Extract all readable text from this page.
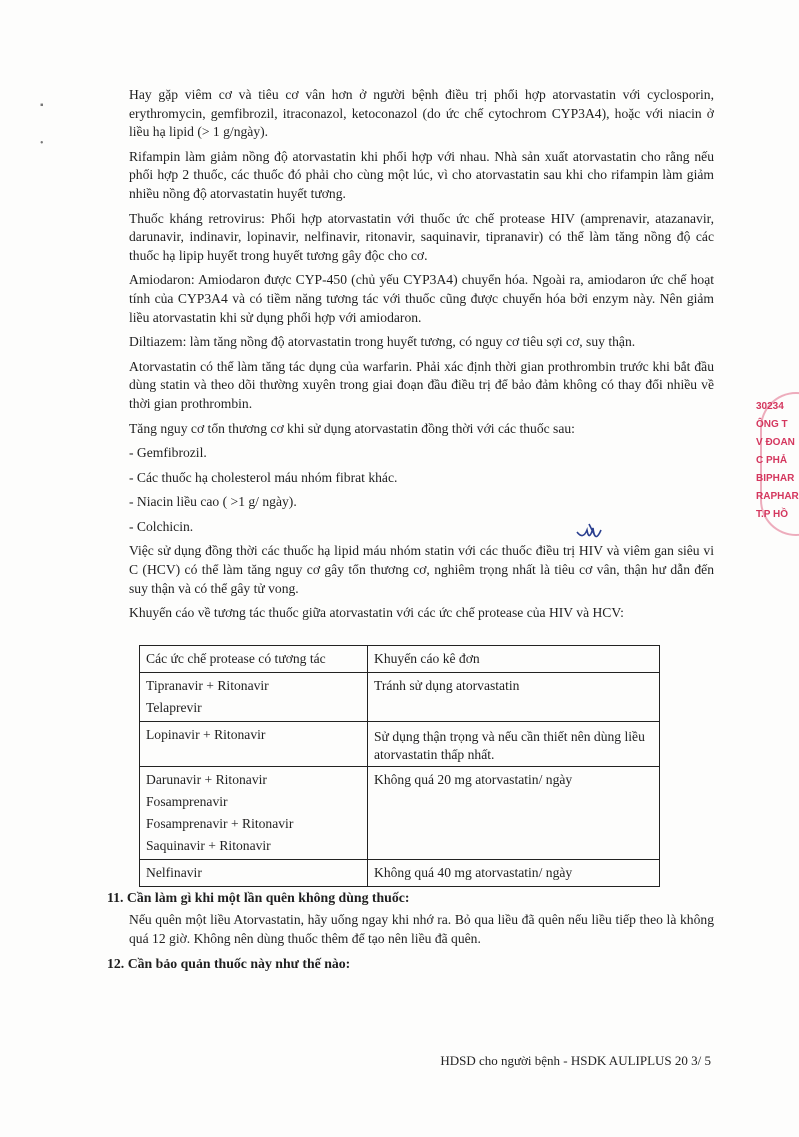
▪
•

Hay gặp viêm cơ và tiêu cơ vân hơn ở người bệnh điều trị phối hợp atorvastatin với cyclosporin, erythromycin, gemfibrozil, itraconazol, ketoconazol (do ức chế cytochrom CYP3A4), hoặc với niacin ở liều hạ lipid (> 1 g/ngày).

Rifampin làm giảm nồng độ atorvastatin khi phối hợp với nhau. Nhà sản xuất atorvastatin cho rằng nếu phối hợp 2 thuốc, các thuốc đó phải cho cùng một lúc, vì cho atorvastatin sau khi cho rifampin làm giảm nhiều nồng độ atorvastatin huyết tương.

Thuốc kháng retrovirus: Phối hợp atorvastatin với thuốc ức chế protease HIV (amprenavir, atazanavir, darunavir, indinavir, lopinavir, nelfinavir, ritonavir, saquinavir, tipranavir) có thể làm tăng nồng độ các thuốc hạ lipip huyết trong huyết tương gây độc cho cơ.

Amiodaron: Amiodaron được CYP-450 (chủ yếu CYP3A4) chuyển hóa. Ngoài ra, amiodaron ức chế hoạt tính của CYP3A4 và có tiềm năng tương tác với thuốc cũng được chuyển hóa bởi enzym này. Nên giảm liều atorvastatin khi sử dụng phối hợp với amiodaron.

Diltiazem: làm tăng nồng độ atorvastatin trong huyết tương, có nguy cơ tiêu sợi cơ, suy thận.

Atorvastatin có thể làm tăng tác dụng của warfarin. Phải xác định thời gian prothrombin trước khi bắt đầu dùng statin và theo dõi thường xuyên trong giai đoạn đầu điều trị để bảo đảm không có thay đổi nhiều về thời gian prothrombin.

Tăng nguy cơ tổn thương cơ khi sử dụng atorvastatin đồng thời với các thuốc sau:

- Gemfibrozil.

- Các thuốc hạ cholesterol máu nhóm fibrat khác.

- Niacin liều cao ( >1 g/ ngày).

- Colchicin.

Việc sử dụng đồng thời các thuốc hạ lipid máu nhóm statin với các thuốc điều trị HIV và viêm gan siêu vi C (HCV) có thể làm tăng nguy cơ gây tổn thương cơ, nghiêm trọng nhất là tiêu cơ vân, thận hư dẫn đến suy thận và có thể gây tử vong.

Khuyến cáo về tương tác thuốc giữa atorvastatin với các ức chế protease của HIV và HCV:

Các ức chế protease có tương tác	Khuyến cáo kê đơn

Tipranavir + Ritonavir
Telaprevir	Tránh sử dụng atorvastatin

Lopinavir + Ritonavir	Sử dụng thận trọng và nếu cần thiết nên dùng liều atorvastatin thấp nhất.

Darunavir + Ritonavir
Fosamprenavir
Fosamprenavir + Ritonavir
Saquinavir + Ritonavir	Không quá 20 mg atorvastatin/ ngày

Nelfinavir	Không quá 40 mg atorvastatin/ ngày

11. Cần làm gì khi một lần quên không dùng thuốc:

Nếu quên một liều Atorvastatin, hãy uống ngay khi nhớ ra. Bỏ qua liều đã quên nếu liều tiếp theo là không quá 12 giờ. Không nên dùng thuốc thêm để tạo nên liều đã quên.

12. Cần bảo quản thuốc này như thế nào:

30234
ÔNG T
V ĐOAN
C PHẢ
BIPHAR
RAPHAR
T.P HỒ
HDSD cho người bệnh - HSDK AULIPLUS 20 3/ 5
